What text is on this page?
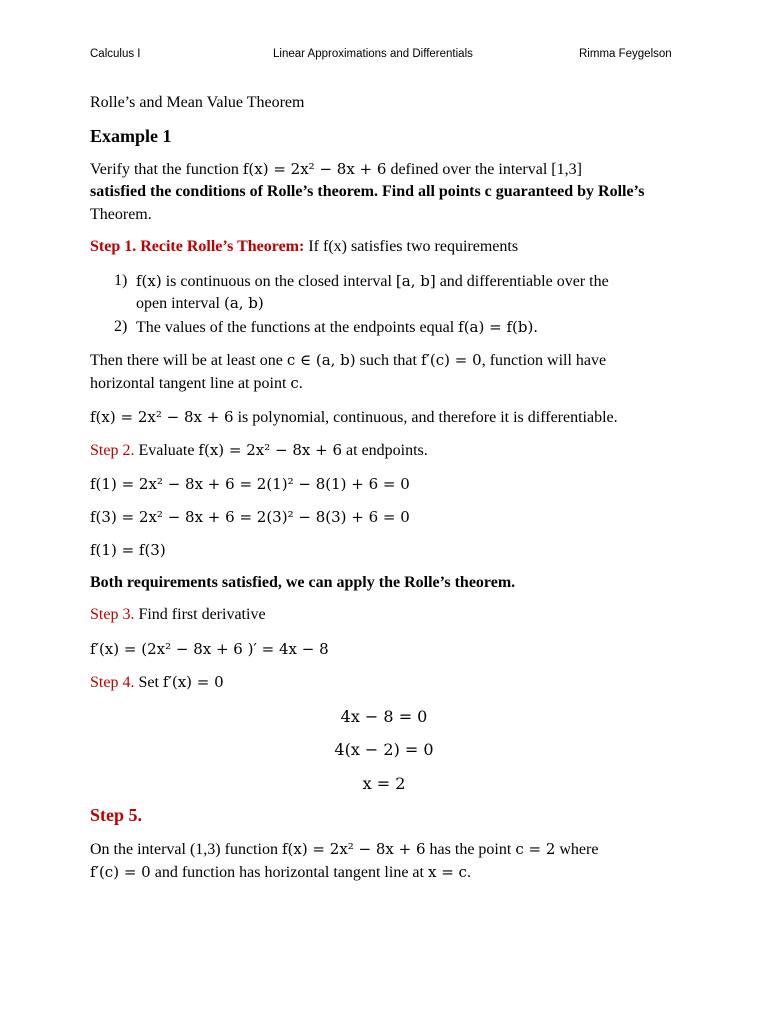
Calculus I	Linear Approximations and Differentials	Rimma Feygelson
Rolle’s and Mean Value Theorem
Example 1
Verify that the function f(x) = 2x² − 8x + 6 defined over the interval [1,3]
satisfied the conditions of Rolle’s theorem. Find all points c guaranteed by Rolle’s
Theorem.
Step 1. Recite Rolle’s Theorem: If f(x) satisfies two requirements
1) f(x) is continuous on the closed interval [a, b] and differentiable over the
open interval (a, b)
2) The values of the functions at the endpoints equal f(a) = f(b).
Then there will be at least one c ∈ (a, b) such that f′(c) = 0, function will have
horizontal tangent line at point c.
f(x) = 2x² − 8x + 6 is polynomial, continuous, and therefore it is differentiable.
Step 2. Evaluate f(x) = 2x² − 8x + 6 at endpoints.
f(1) = 2x² − 8x + 6 = 2(1)² − 8(1) + 6 = 0
f(3) = 2x² − 8x + 6 = 2(3)² − 8(3) + 6 = 0
f(1) = f(3)
Both requirements satisfied, we can apply the Rolle’s theorem.
Step 3. Find first derivative
f′(x) = (2x² − 8x + 6 )′ = 4x − 8
Step 4. Set f′(x) = 0
4x − 8 = 0
4(x − 2) = 0
x = 2
Step 5.
On the interval (1,3) function f(x) = 2x² − 8x + 6 has the point c = 2 where
f′(c) = 0 and function has horizontal tangent line at x = c.
